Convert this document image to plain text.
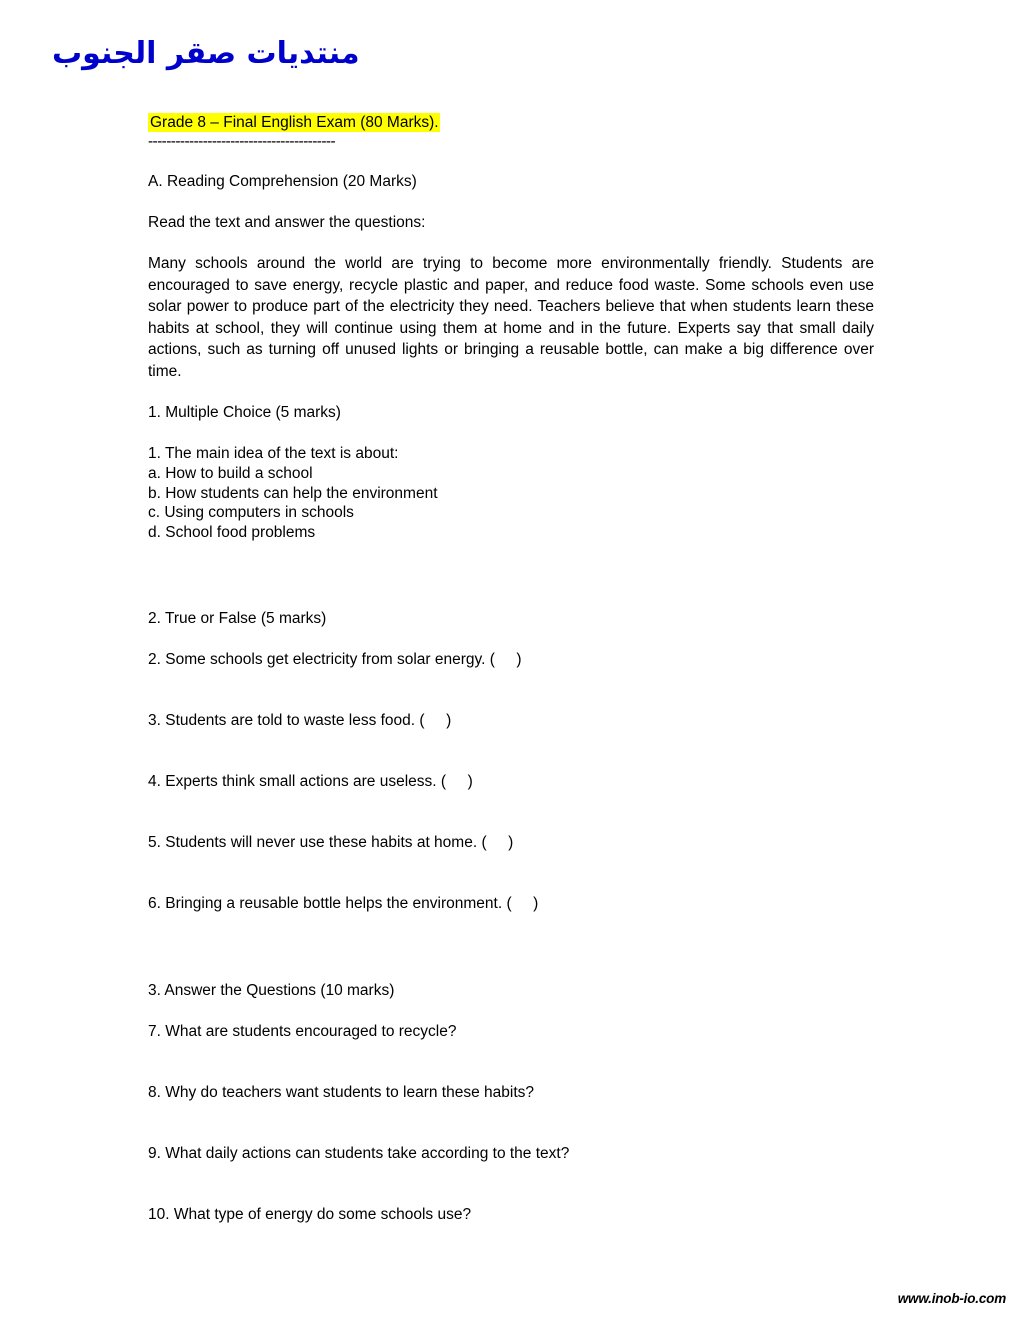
منتديات صقر الجنوب

Grade 8 – Final English Exam (80 Marks).

-----------------------------------------

A. Reading Comprehension (20 Marks)

Read the text and answer the questions:

Many schools around the world are trying to become more environmentally friendly. Students are encouraged to save energy, recycle plastic and paper, and reduce food waste. Some schools even use solar power to produce part of the electricity they need. Teachers believe that when students learn these habits at school, they will continue using them at home and in the future. Experts say that small daily actions, such as turning off unused lights or bringing a reusable bottle, can make a big difference over time.

1. Multiple Choice (5 marks)

1. The main idea of the text is about:

a. How to build a school

b. How students can help the environment

c. Using computers in schools

d. School food problems

2. True or False (5 marks)

2. Some schools get electricity from solar energy. (     )

3. Students are told to waste less food. (     )

4. Experts think small actions are useless. (     )

5. Students will never use these habits at home. (     )

6. Bringing a reusable bottle helps the environment. (     )

3. Answer the Questions (10 marks)

7. What are students encouraged to recycle?

8. Why do teachers want students to learn these habits?

9. What daily actions can students take according to the text?

10. What type of energy do some schools use?

www.inob-io.com
